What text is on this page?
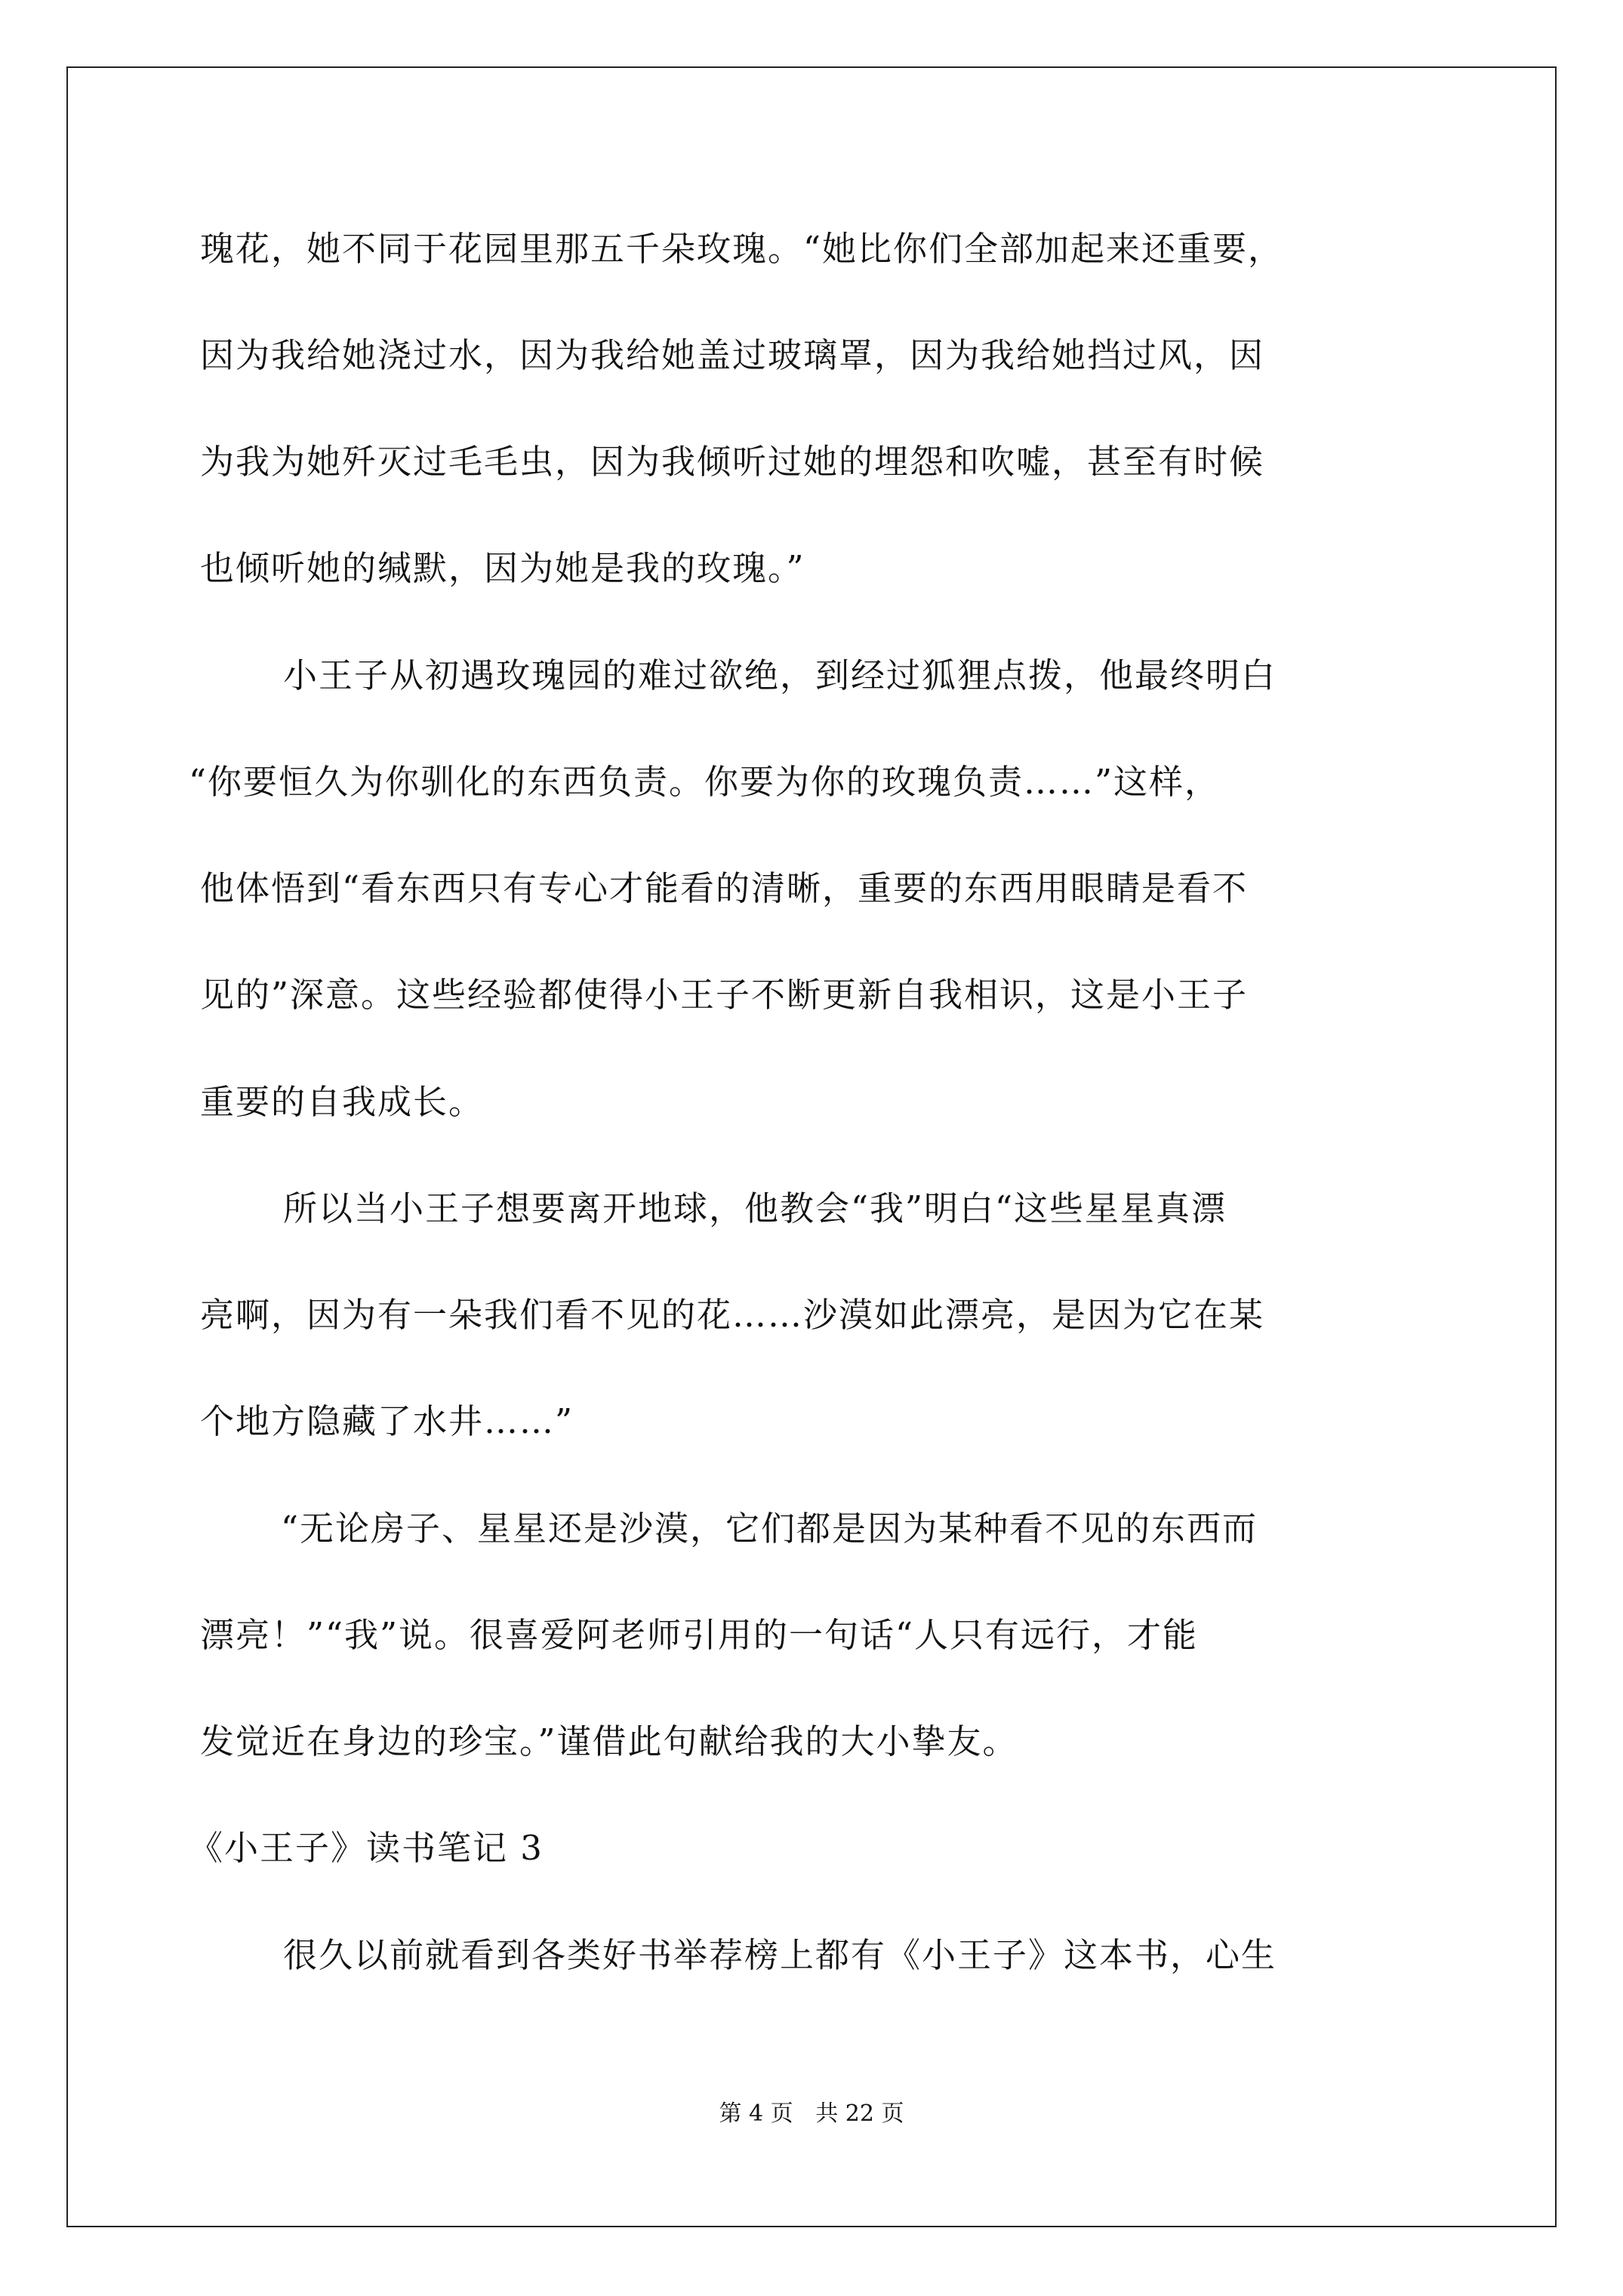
瑰花，她不同于花园里那五千朵玫瑰。“她比你们全部加起来还重要，
因为我给她浇过水，因为我给她盖过玻璃罩，因为我给她挡过风，因
为我为她歼灭过毛毛虫，因为我倾听过她的埋怨和吹嘘，甚至有时候
也倾听她的缄默，因为她是我的玫瑰。”
小王子从初遇玫瑰园的难过欲绝，到经过狐狸点拨，他最终明白
“你要恒久为你驯化的东西负责。你要为你的玫瑰负责……”这样，
他体悟到“看东西只有专心才能看的清晰，重要的东西用眼睛是看不
见的”深意。这些经验都使得小王子不断更新自我相识，这是小王子
重要的自我成长。
所以当小王子想要离开地球，他教会“我”明白“这些星星真漂
亮啊，因为有一朵我们看不见的花……沙漠如此漂亮，是因为它在某
个地方隐藏了水井……”
“无论房子、星星还是沙漠，它们都是因为某种看不见的东西而
漂亮！”“我”说。很喜爱阿老师引用的一句话“人只有远行，才能
发觉近在身边的珍宝。”谨借此句献给我的大小挚友。
《小王子》读书笔记 3
很久以前就看到各类好书举荐榜上都有《小王子》这本书，心生
第 4 页 共 22 页
